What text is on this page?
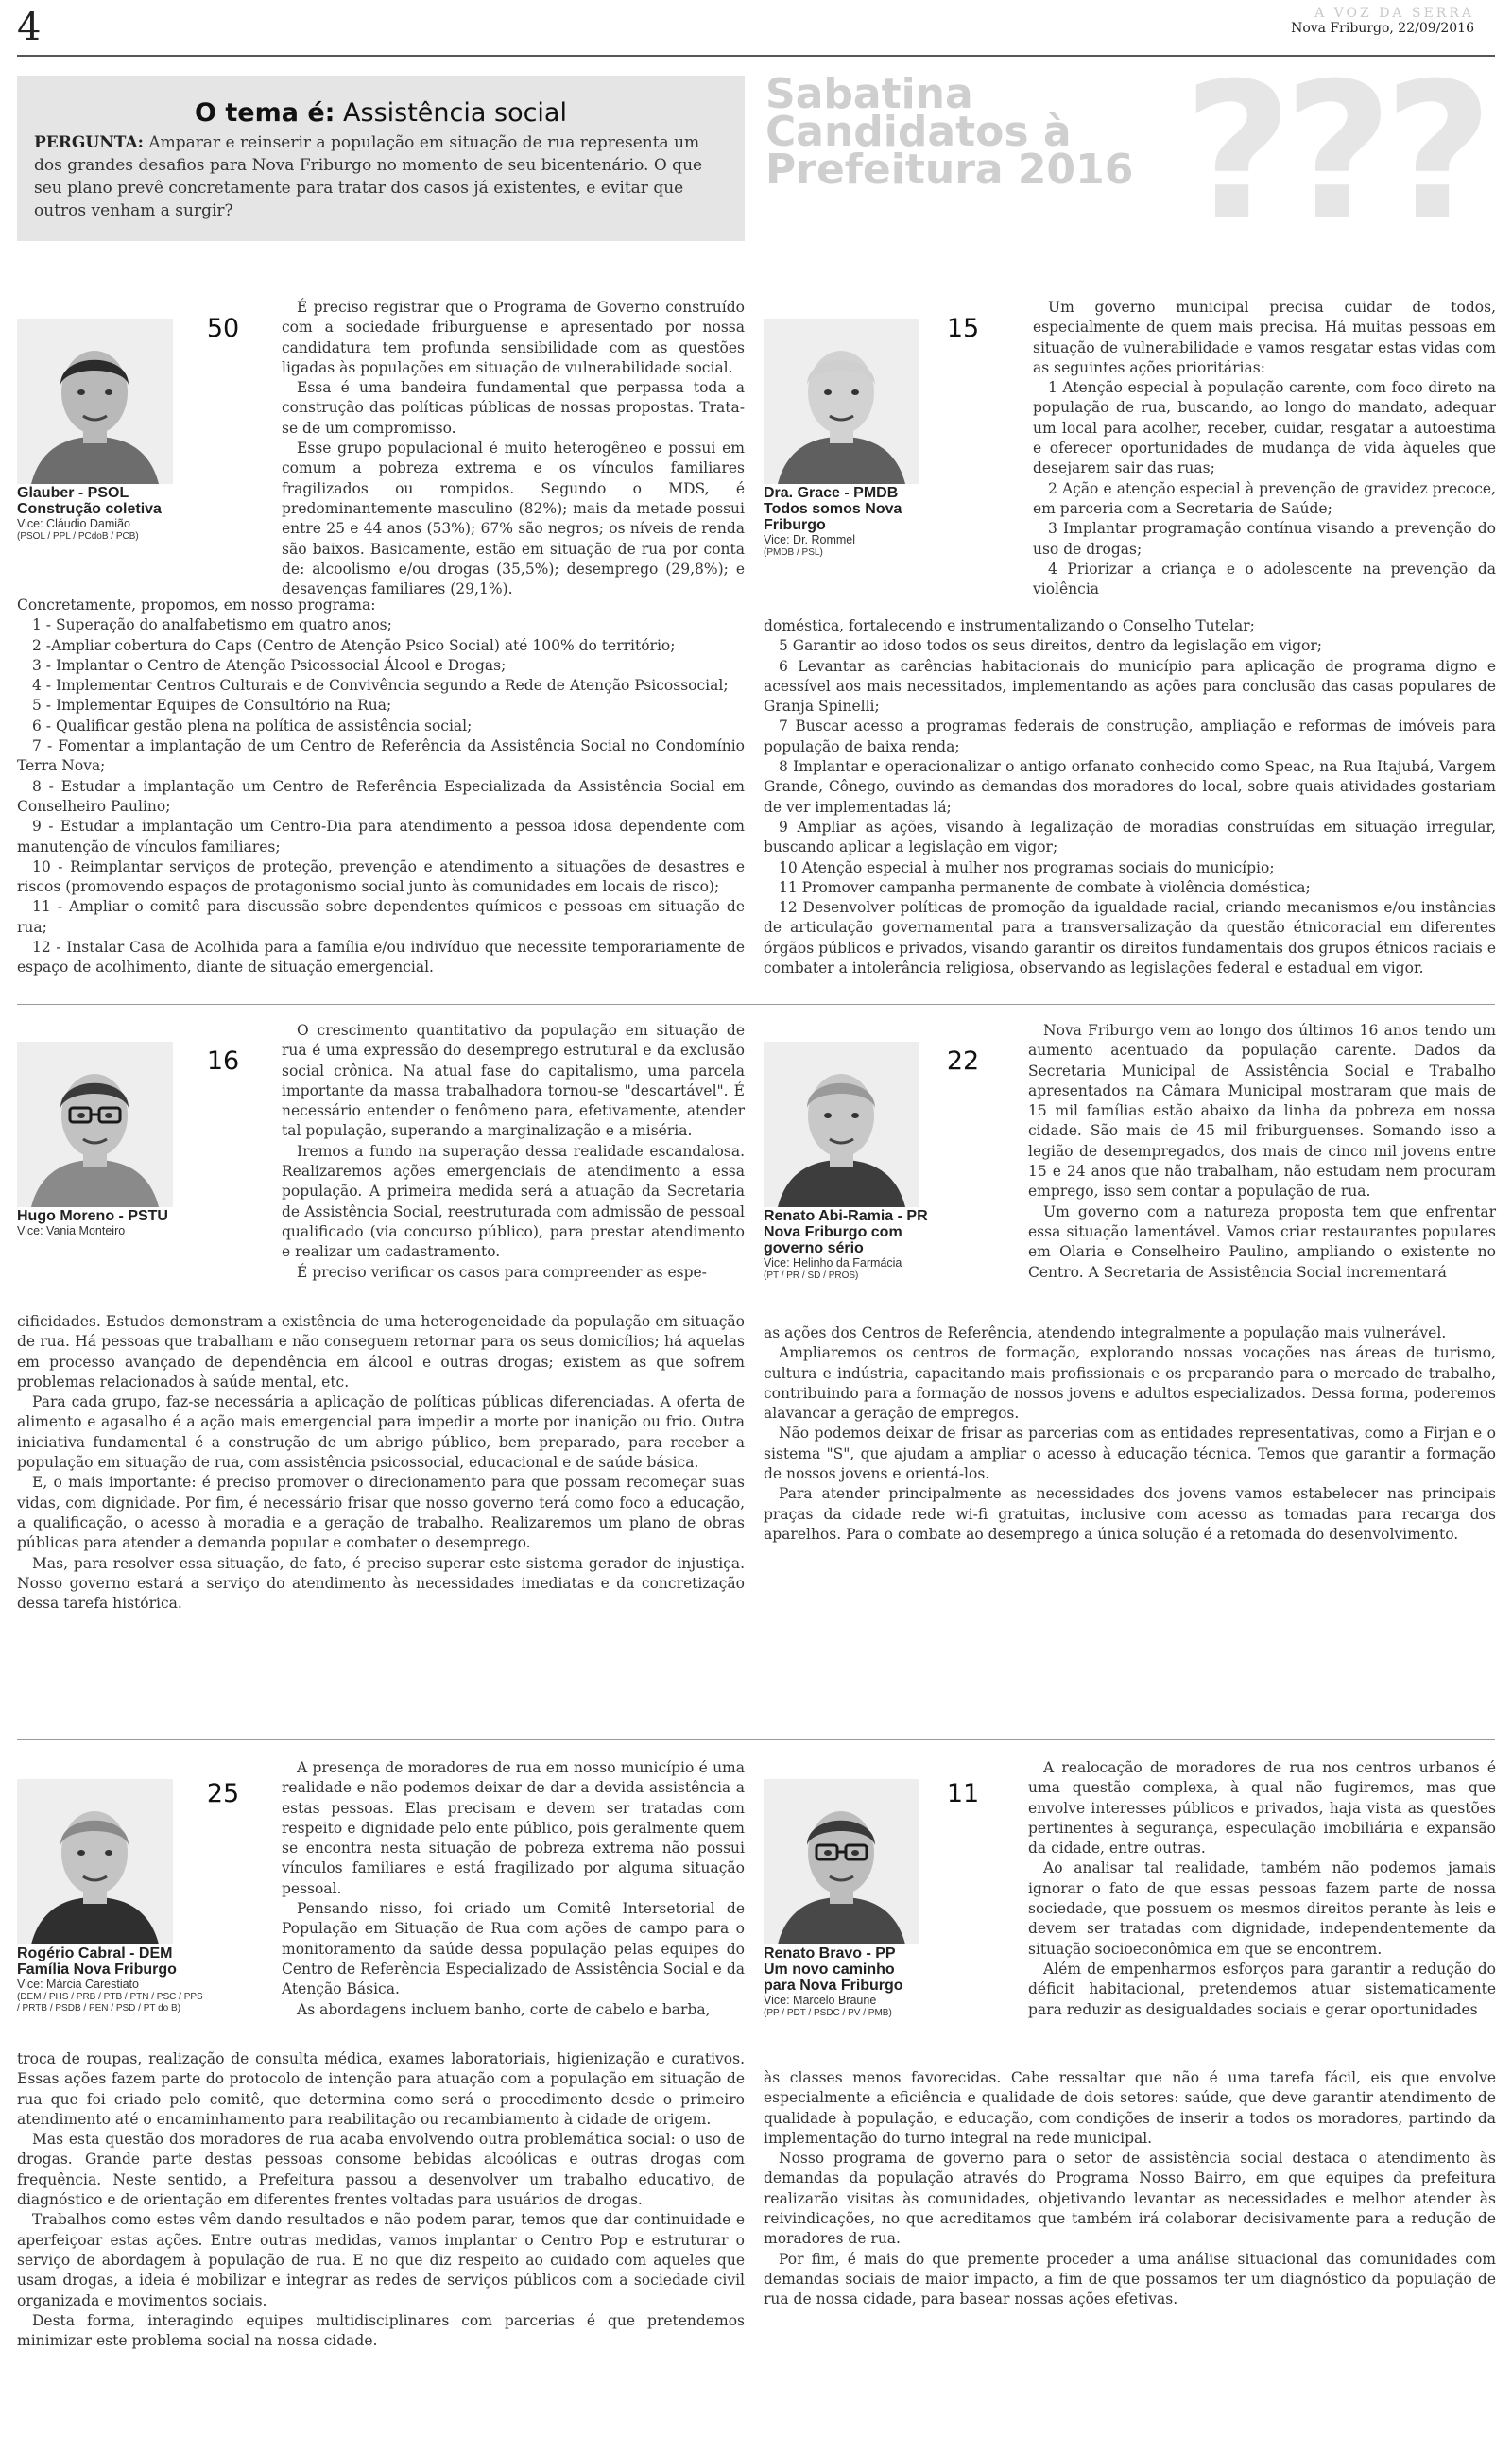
4	A VOZ DA SERRA
Nova Friburgo, 22/09/2016
O tema é: Assistência social

PERGUNTA: Amparar e reinserir a população em situação de rua representa um dos grandes desafios para Nova Friburgo no momento de seu bicentenário. O que seu plano prevê concretamente para tratar dos casos já existentes, e evitar que outros venham a surgir?	???
Sabatina
Candidatos à
Prefeitura 2016
Glauber - PSOL
Construção coletiva
Vice: Cláudio Damião
(PSOL / PPL / PCdoB / PCB)
50

É preciso registrar que o Programa de Governo construído com a sociedade friburguense e apresentado por nossa candidatura tem profunda sensibilidade com as questões ligadas às populações em situação de vulnerabilidade social.

Essa é uma bandeira fundamental que perpassa toda a construção das políticas públicas de nossas propostas. Trata-se de um compromisso.

Esse grupo populacional é muito heterogêneo e possui em comum a pobreza extrema e os vínculos familiares fragilizados ou rompidos. Segundo o MDS, é predominantemente masculino (82%); mais da metade possui entre 25 e 44 anos (53%); 67% são negros; os níveis de renda são baixos. Basicamente, estão em situação de rua por conta de: alcoolismo e/ou drogas (35,5%); desemprego (29,8%); e desavenças familiares (29,1%).

Concretamente, propomos, em nosso programa:

1 - Superação do analfabetismo em quatro anos;

2 -Ampliar cobertura do Caps (Centro de Atenção Psico Social) até 100% do território;

3 - Implantar o Centro de Atenção Psicossocial Álcool e Drogas;

4 - Implementar Centros Culturais e de Convivência segundo a Rede de Atenção Psicossocial;

5 - Implementar Equipes de Consultório na Rua;

6 - Qualificar gestão plena na política de assistência social;

7 - Fomentar a implantação de um Centro de Referência da Assistência Social no Condomínio Terra Nova;

8 - Estudar a implantação um Centro de Referência Especializada da Assistência Social em Conselheiro Paulino;

9 - Estudar a implantação um Centro-Dia para atendimento a pessoa idosa dependente com manutenção de vínculos familiares;

10 - Reimplantar serviços de proteção, prevenção e atendimento a situações de desastres e riscos (promovendo espaços de protagonismo social junto às comunidades em locais de risco);

11 - Ampliar o comitê para discussão sobre dependentes químicos e pessoas em situação de rua;

12 - Instalar Casa de Acolhida para a família e/ou indivíduo que necessite temporariamente de espaço de acolhimento, diante de situação emergencial.

Dra. Grace - PMDB
Todos somos Nova Friburgo
Vice: Dr. Rommel
(PMDB / PSL)
15

Um governo municipal precisa cuidar de todos, especialmente de quem mais precisa. Há muitas pessoas em situação de vulnerabilidade e vamos resgatar estas vidas com as seguintes ações prioritárias:

1 Atenção especial à população carente, com foco direto na população de rua, buscando, ao longo do mandato, adequar um local para acolher, receber, cuidar, resgatar a autoestima e oferecer oportunidades de mudança de vida àqueles que desejarem sair das ruas;

2 Ação e atenção especial à prevenção de gravidez precoce, em parceria com a Secretaria de Saúde;

3 Implantar programação contínua visando a prevenção do uso de drogas;

4 Priorizar a criança e o adolescente na prevenção da violência

doméstica, fortalecendo e instrumentalizando o Conselho Tutelar;

5 Garantir ao idoso todos os seus direitos, dentro da legislação em vigor;

6 Levantar as carências habitacionais do município para aplicação de programa digno e acessível aos mais necessitados, implementando as ações para conclusão das casas populares de Granja Spinelli;

7 Buscar acesso a programas federais de construção, ampliação e reformas de imóveis para população de baixa renda;

8 Implantar e operacionalizar o antigo orfanato conhecido como Speac, na Rua Itajubá, Vargem Grande, Cônego, ouvindo as demandas dos moradores do local, sobre quais atividades gostariam de ver implementadas lá;

9 Ampliar as ações, visando à legalização de moradias construídas em situação irregular, buscando aplicar a legislação em vigor;

10 Atenção especial à mulher nos programas sociais do município;

11 Promover campanha permanente de combate à violência doméstica;

12 Desenvolver políticas de promoção da igualdade racial, criando mecanismos e/ou instâncias de articulação governamental para a transversalização da questão étnicoracial em diferentes órgãos públicos e privados, visando garantir os direitos fundamentais dos grupos étnicos raciais e combater a intolerância religiosa, observando as legislações federal e estadual em vigor.

Hugo Moreno - PSTU
Vice: Vania Monteiro
16

O crescimento quantitativo da população em situação de rua é uma expressão do desemprego estrutural e da exclusão social crônica. Na atual fase do capitalismo, uma parcela importante da massa trabalhadora tornou-se "descartável". É necessário entender o fenômeno para, efetivamente, atender tal população, superando a marginalização e a miséria.

Iremos a fundo na superação dessa realidade escandalosa. Realizaremos ações emergenciais de atendimento a essa população. A primeira medida será a atuação da Secretaria de Assistência Social, reestruturada com admissão de pessoal qualificado (via concurso público), para prestar atendimento e realizar um cadastramento.

É preciso verificar os casos para compreender as espe-

cificidades. Estudos demonstram a existência de uma heterogeneidade da população em situação de rua. Há pessoas que trabalham e não conseguem retornar para os seus domicílios; há aquelas em processo avançado de dependência em álcool e outras drogas; existem as que sofrem problemas relacionados à saúde mental, etc.

Para cada grupo, faz-se necessária a aplicação de políticas públicas diferenciadas. A oferta de alimento e agasalho é a ação mais emergencial para impedir a morte por inanição ou frio. Outra iniciativa fundamental é a construção de um abrigo público, bem preparado, para receber a população em situação de rua, com assistência psicossocial, educacional e de saúde básica.

E, o mais importante: é preciso promover o direcionamento para que possam recomeçar suas vidas, com dignidade. Por fim, é necessário frisar que nosso governo terá como foco a educação, a qualificação, o acesso à moradia e a geração de trabalho. Realizaremos um plano de obras públicas para atender a demanda popular e combater o desemprego.

Mas, para resolver essa situação, de fato, é preciso superar este sistema gerador de injustiça. Nosso governo estará a serviço do atendimento às necessidades imediatas e da concretização dessa tarefa histórica.

Renato Abi-Ramia - PR
Nova Friburgo com
governo sério
Vice: Helinho da Farmácia
(PT / PR / SD / PROS)
22

Nova Friburgo vem ao longo dos últimos 16 anos tendo um aumento acentuado da população carente. Dados da Secretaria Municipal de Assistência Social e Trabalho apresentados na Câmara Municipal mostraram que mais de 15 mil famílias estão abaixo da linha da pobreza em nossa cidade. São mais de 45 mil friburguenses. Somando isso a legião de desempregados, dos mais de cinco mil jovens entre 15 e 24 anos que não trabalham, não estudam nem procuram emprego, isso sem contar a população de rua.

Um governo com a natureza proposta tem que enfrentar essa situação lamentável. Vamos criar restaurantes populares em Olaria e Conselheiro Paulino, ampliando o existente no Centro. A Secretaria de Assistência Social incrementará

as ações dos Centros de Referência, atendendo integralmente a população mais vulnerável.

Ampliaremos os centros de formação, explorando nossas vocações nas áreas de turismo, cultura e indústria, capacitando mais profissionais e os preparando para o mercado de trabalho, contribuindo para a formação de nossos jovens e adultos especializados. Dessa forma, poderemos alavancar a geração de empregos.

Não podemos deixar de frisar as parcerias com as entidades representativas, como a Firjan e o sistema "S", que ajudam a ampliar o acesso à educação técnica. Temos que garantir a formação de nossos jovens e orientá-los.

Para atender principalmente as necessidades dos jovens vamos estabelecer nas principais praças da cidade rede wi-fi gratuitas, inclusive com acesso as tomadas para recarga dos aparelhos. Para o combate ao desemprego a única solução é a retomada do desenvolvimento.

Rogério Cabral - DEM
Família Nova Friburgo
Vice: Márcia Carestiato
(DEM / PHS / PRB / PTB / PTN / PSC / PPS / PRTB / PSDB / PEN / PSD / PT do B)
25

A presença de moradores de rua em nosso município é uma realidade e não podemos deixar de dar a devida assistência a estas pessoas. Elas precisam e devem ser tratadas com respeito e dignidade pelo ente público, pois geralmente quem se encontra nesta situação de pobreza extrema não possui vínculos familiares e está fragilizado por alguma situação pessoal.

Pensando nisso, foi criado um Comitê Intersetorial de População em Situação de Rua com ações de campo para o monitoramento da saúde dessa população pelas equipes do Centro de Referência Especializado de Assistência Social e da Atenção Básica.

As abordagens incluem banho, corte de cabelo e barba,

troca de roupas, realização de consulta médica, exames laboratoriais, higienização e curativos. Essas ações fazem parte do protocolo de intenção para atuação com a população em situação de rua que foi criado pelo comitê, que determina como será o procedimento desde o primeiro atendimento até o encaminhamento para reabilitação ou recambiamento à cidade de origem.

Mas esta questão dos moradores de rua acaba envolvendo outra problemática social: o uso de drogas. Grande parte destas pessoas consome bebidas alcoólicas e outras drogas com frequência. Neste sentido, a Prefeitura passou a desenvolver um trabalho educativo, de diagnóstico e de orientação em diferentes frentes voltadas para usuários de drogas.

Trabalhos como estes vêm dando resultados e não podem parar, temos que dar continuidade e aperfeiçoar estas ações. Entre outras medidas, vamos implantar o Centro Pop e estruturar o serviço de abordagem à população de rua. E no que diz respeito ao cuidado com aqueles que usam drogas, a ideia é mobilizar e integrar as redes de serviços públicos com a sociedade civil organizada e movimentos sociais.

Desta forma, interagindo equipes multidisciplinares com parcerias é que pretendemos minimizar este problema social na nossa cidade.

Renato Bravo - PP
Um novo caminho
para Nova Friburgo
Vice: Marcelo Braune
(PP / PDT / PSDC / PV / PMB)
11

A realocação de moradores de rua nos centros urbanos é uma questão complexa, à qual não fugiremos, mas que envolve interesses públicos e privados, haja vista as questões pertinentes à segurança, especulação imobiliária e expansão da cidade, entre outras.

Ao analisar tal realidade, também não podemos jamais ignorar o fato de que essas pessoas fazem parte de nossa sociedade, que possuem os mesmos direitos perante às leis e devem ser tratadas com dignidade, independentemente da situação socioeconômica em que se encontrem.

Além de empenharmos esforços para garantir a redução do déficit habitacional, pretendemos atuar sistematicamente para reduzir as desigualdades sociais e gerar oportunidades

às classes menos favorecidas. Cabe ressaltar que não é uma tarefa fácil, eis que envolve especialmente a eficiência e qualidade de dois setores: saúde, que deve garantir atendimento de qualidade à população, e educação, com condições de inserir a todos os moradores, partindo da implementação do turno integral na rede municipal.

Nosso programa de governo para o setor de assistência social destaca o atendimento às demandas da população através do Programa Nosso Bairro, em que equipes da prefeitura realizarão visitas às comunidades, objetivando levantar as necessidades e melhor atender às reivindicações, no que acreditamos que também irá colaborar decisivamente para a redução de moradores de rua.

Por fim, é mais do que premente proceder a uma análise situacional das comunidades com demandas sociais de maior impacto, a fim de que possamos ter um diagnóstico da população de rua de nossa cidade, para basear nossas ações efetivas.
